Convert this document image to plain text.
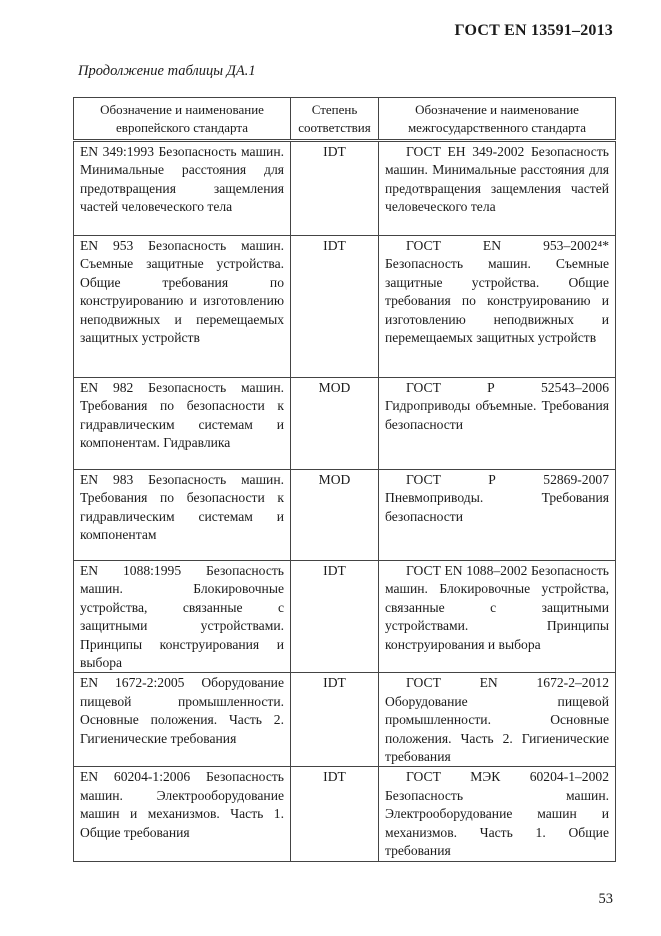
ГОСТ EN 13591–2013
Продолжение таблицы ДА.1
Обозначение и наименование европейского стандарта	Степень соответствия	Обозначение и наименование межгосударственного стандарта
EN 349:1993 Безопасность машин. Минимальные расстояния для предотвращения защемления частей человеческого тела	IDT	ГОСТ ЕН 349-2002 Безопасность машин. Минимальные расстояния для предотвращения защемления частей человеческого тела
EN 953 Безопасность машин. Съемные защитные устройства. Общие требования по конструированию и изготовлению неподвижных и перемещаемых защитных устройств	IDT	ГОСТ EN 953–2002⁴* Безопасность машин. Съемные защитные устройства. Общие требования по конструированию и изготовлению неподвижных и перемещаемых защитных устройств
EN 982 Безопасность машин. Требования по безопасности к гидравлическим системам и компонентам. Гидравлика	MOD	ГОСТ Р 52543–2006 Гидроприводы объемные. Требования безопасности
EN 983 Безопасность машин. Требования по безопасности к гидравлическим системам и компонентам	MOD	ГОСТ Р 52869-2007 Пневмоприводы. Требования безопасности
EN 1088:1995 Безопасность машин. Блокировочные устройства, связанные с защитными устройствами. Принципы конструирования и выбора	IDT	ГОСТ EN 1088–2002 Безопасность машин. Блокировочные устройства, связанные с защитными устройствами. Принципы конструирования и выбора
EN 1672-2:2005 Оборудование пищевой промышленности. Основные положения. Часть 2. Гигиенические требования	IDT	ГОСТ EN 1672-2–2012 Оборудование пищевой промышленности. Основные положения. Часть 2. Гигиенические требования
EN 60204-1:2006 Безопасность машин. Электрооборудование машин и механизмов. Часть 1. Общие требования	IDT	ГОСТ МЭК 60204-1–2002 Безопасность машин. Электрооборудование машин и механизмов. Часть 1. Общие требования
53
